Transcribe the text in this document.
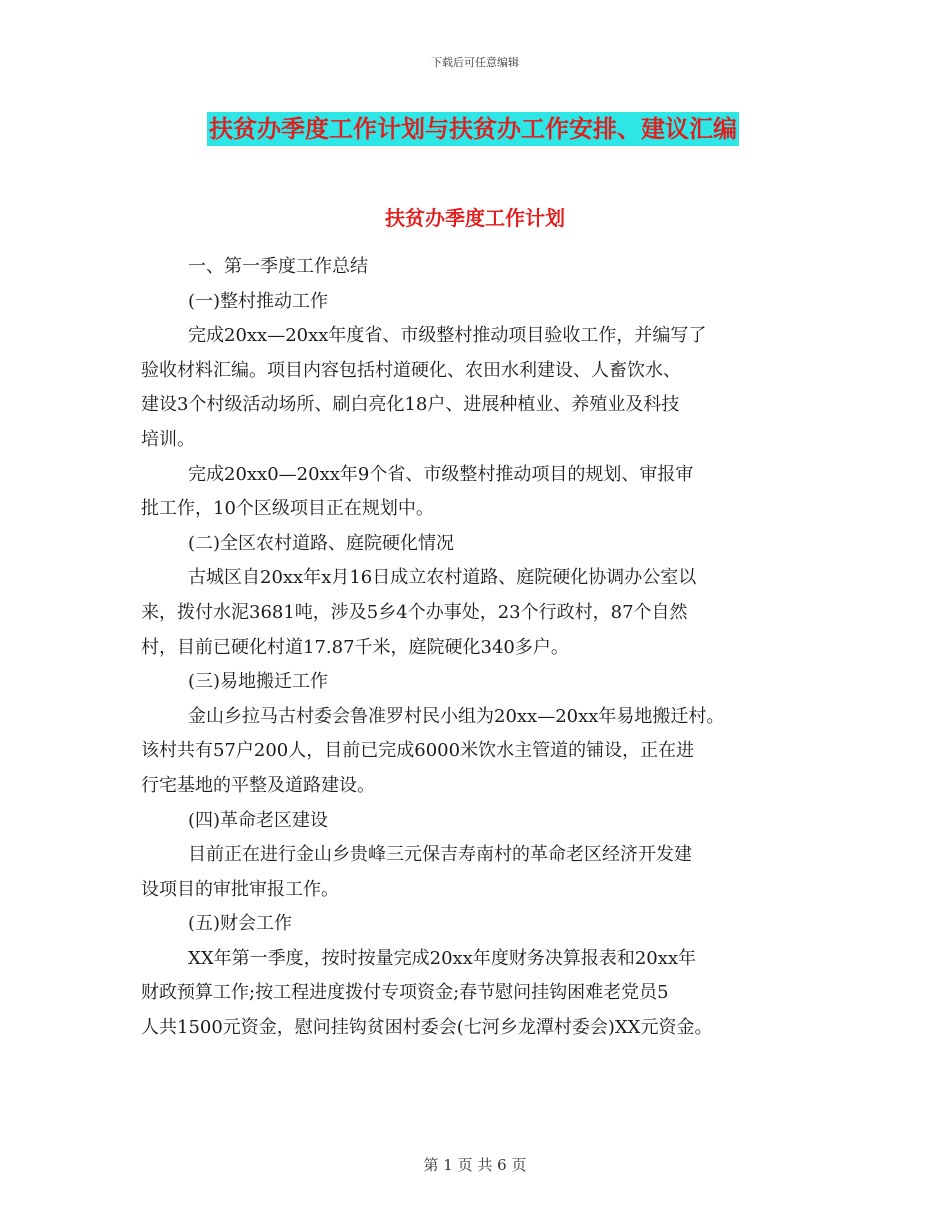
下载后可任意编辑
扶贫办季度工作计划与扶贫办工作安排、建议汇编
扶贫办季度工作计划

一、第一季度工作总结

(一)整村推动工作

完成20xx—20xx年度省、市级整村推动项目验收工作，并编写了

验收材料汇编。项目内容包括村道硬化、农田水利建设、人畜饮水、

建设3个村级活动场所、刷白亮化18户、进展种植业、养殖业及科技

培训。

完成20xx0—20xx年9个省、市级整村推动项目的规划、审报审

批工作，10个区级项目正在规划中。

(二)全区农村道路、庭院硬化情况

古城区自20xx年x月16日成立农村道路、庭院硬化协调办公室以

来，拨付水泥3681吨，涉及5乡4个办事处，23个行政村，87个自然

村，目前已硬化村道17.87千米，庭院硬化340多户。

(三)易地搬迁工作

金山乡拉马古村委会鲁准罗村民小组为20xx—20xx年易地搬迁村。

该村共有57户200人，目前已完成6000米饮水主管道的铺设，正在进

行宅基地的平整及道路建设。

(四)革命老区建设

目前正在进行金山乡贵峰三元保吉寿南村的革命老区经济开发建

设项目的审批审报工作。

(五)财会工作

XX年第一季度，按时按量完成20xx年度财务决算报表和20xx年

财政预算工作;按工程进度拨付专项资金;春节慰问挂钩困难老党员5

人共1500元资金，慰问挂钩贫困村委会(七河乡龙潭村委会)XX元资金。

第 1 页 共 6 页
